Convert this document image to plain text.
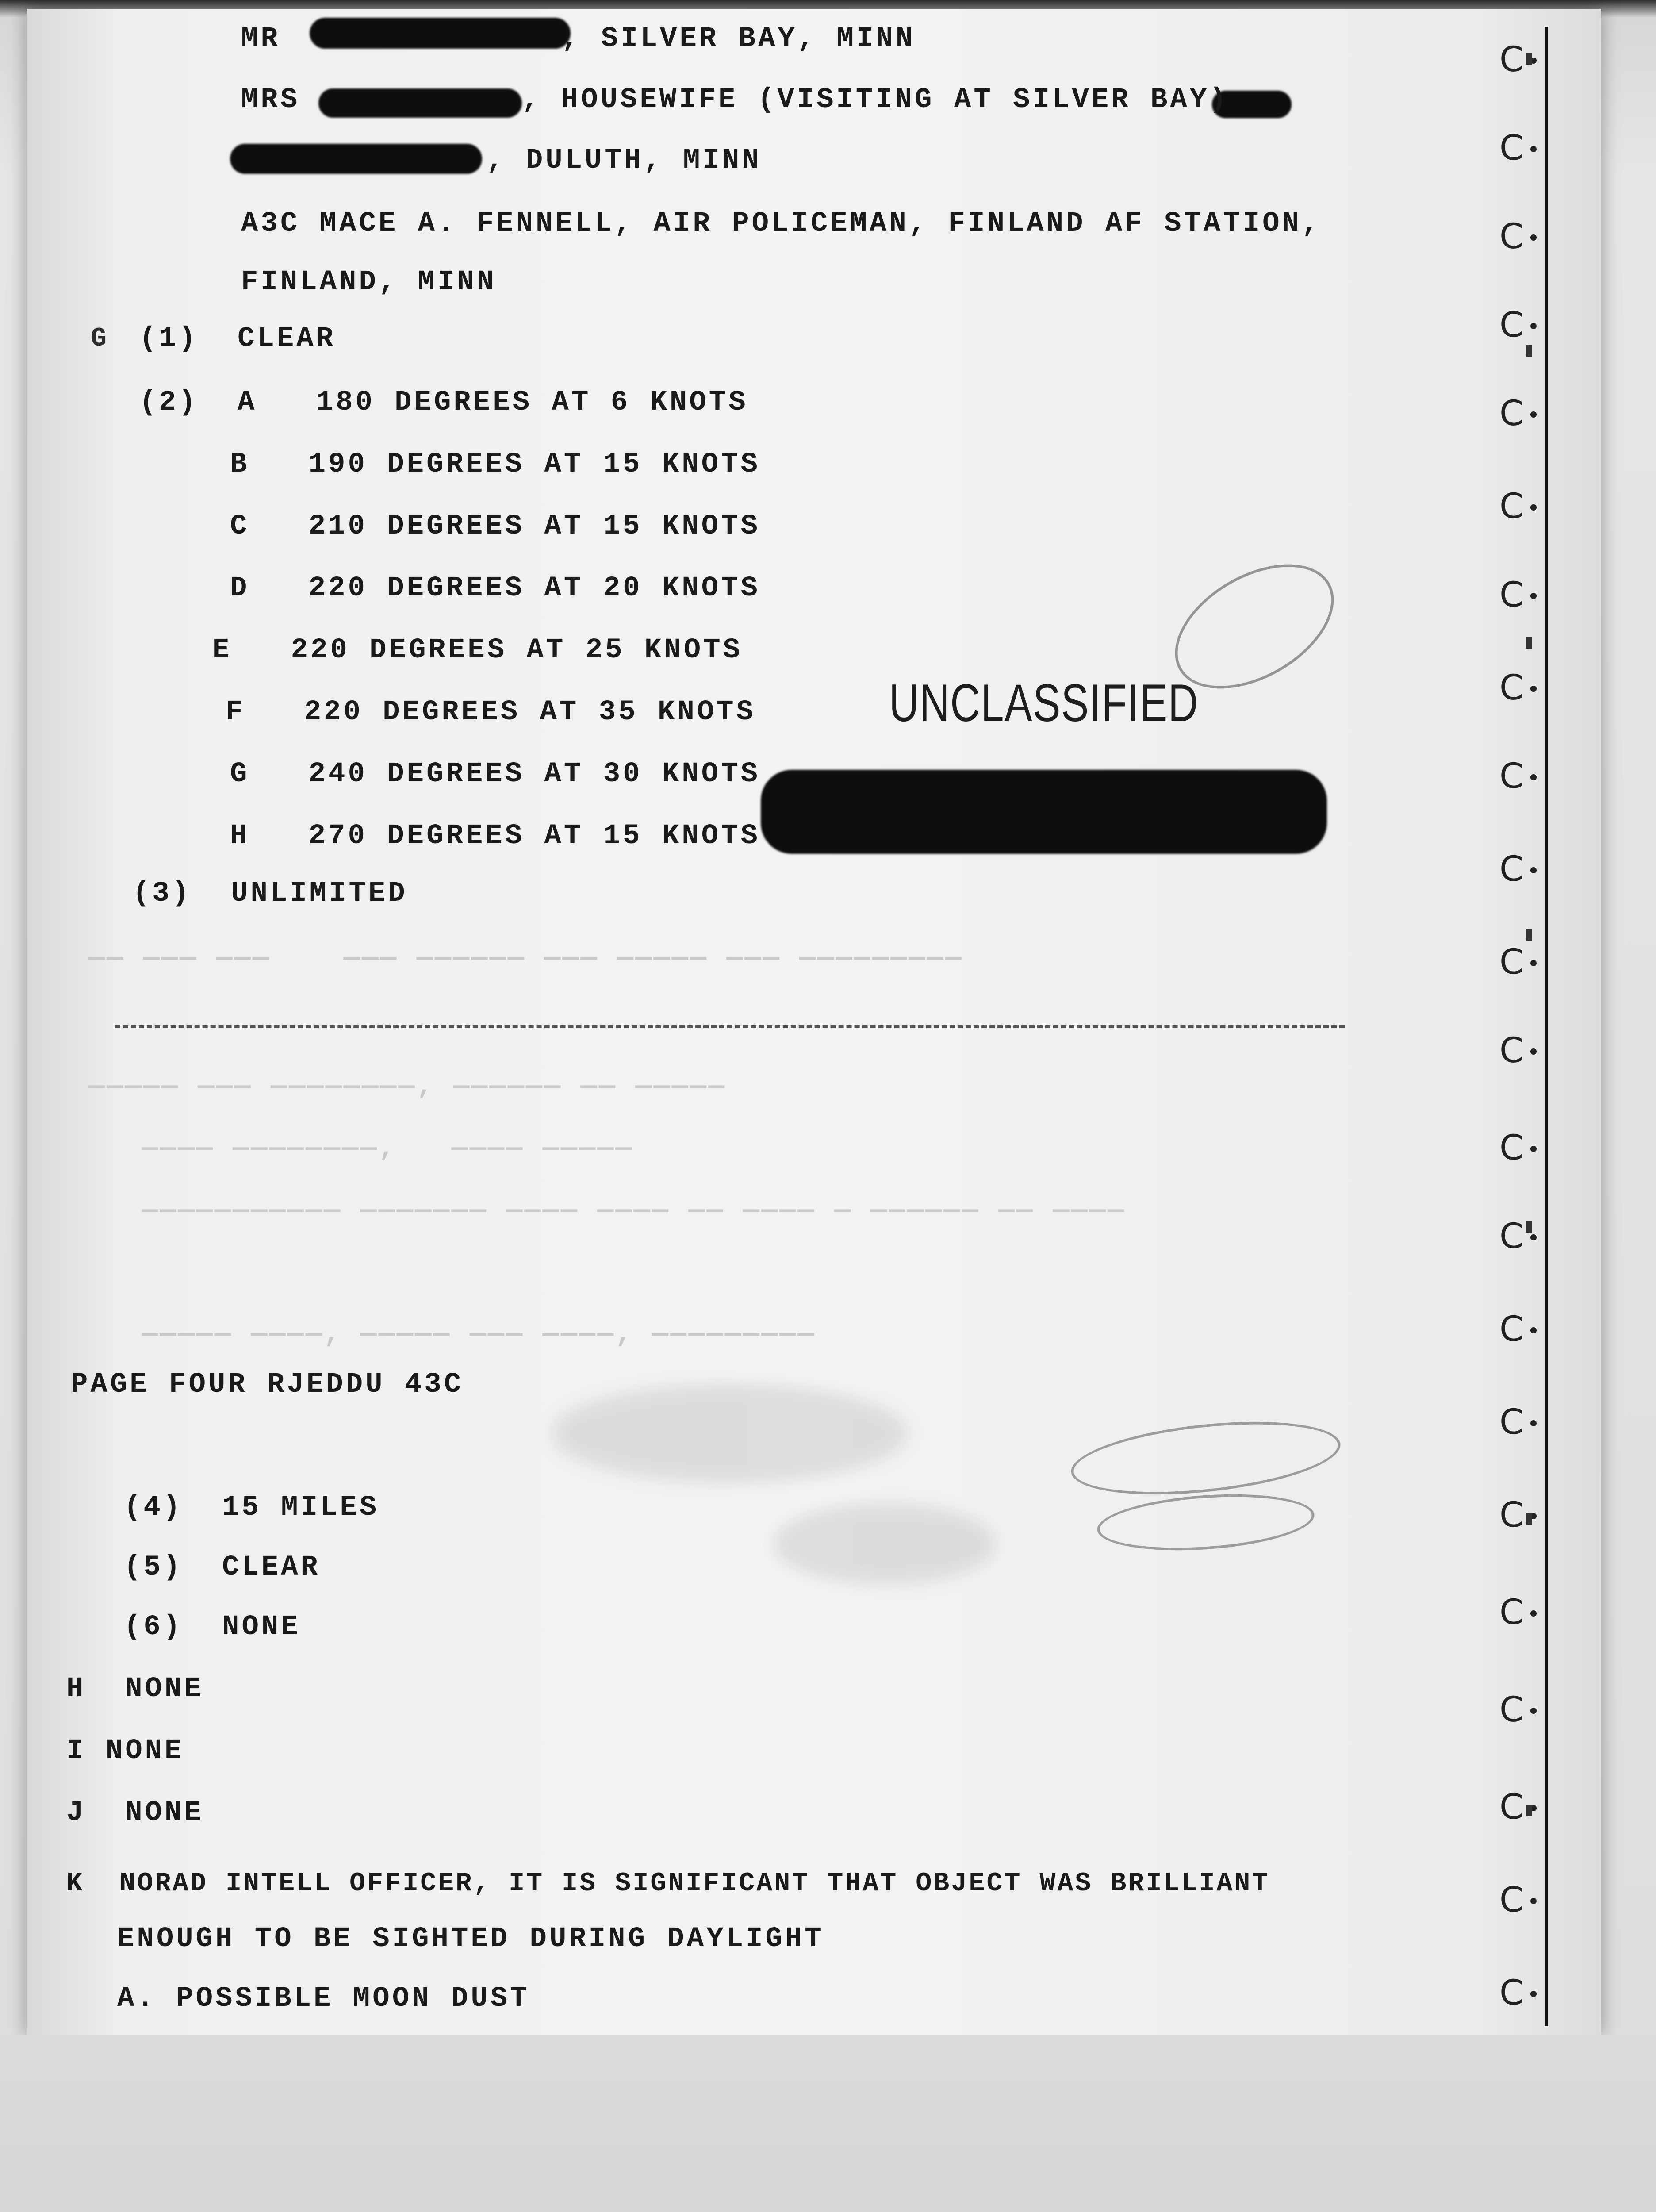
—— ——— ———    ——— —————— ——— ————— ——— —————————
————— ——— ————————, —————— —— —————
———— ————————,   ———— —————
——————————— ——————— ———— ———— —— ———— — —————— —— ————
————— ————, ————— ——— ————, —————————
C
C
C
C
C
C
C
C
C
C
C
C
C
C
C
C
C
C
C
C
C
C
MR	, SILVER BAY, MINN
MRS	, HOUSEWIFE (VISITING AT SILVER BAY)
, DULUTH, MINN
A3C MACE A. FENNELL, AIR POLICEMAN, FINLAND AF STATION,
FINLAND, MINN
G (1) CLEAR
(2) A   180 DEGREES AT 6 KNOTS
B 190 DEGREES AT 15 KNOTS
C 210 DEGREES AT 15 KNOTS
D 220 DEGREES AT 20 KNOTS
E 220 DEGREES AT 25 KNOTS
F 220 DEGREES AT 35 KNOTS
G 240 DEGREES AT 30 KNOTS
H 270 DEGREES AT 15 KNOTS
(3) UNLIMITED
UNCLASSIFIED
PAGE FOUR RJEDDU 43C
(4) 15 MILES
(5) CLEAR
(6) NONE
H NONE
I NONE
J NONE
K NORAD INTELL OFFICER, IT IS SIGNIFICANT THAT OBJECT WAS BRILLIANT
ENOUGH TO BE SIGHTED DURING DAYLIGHT
A. POSSIBLE MOON DUST
